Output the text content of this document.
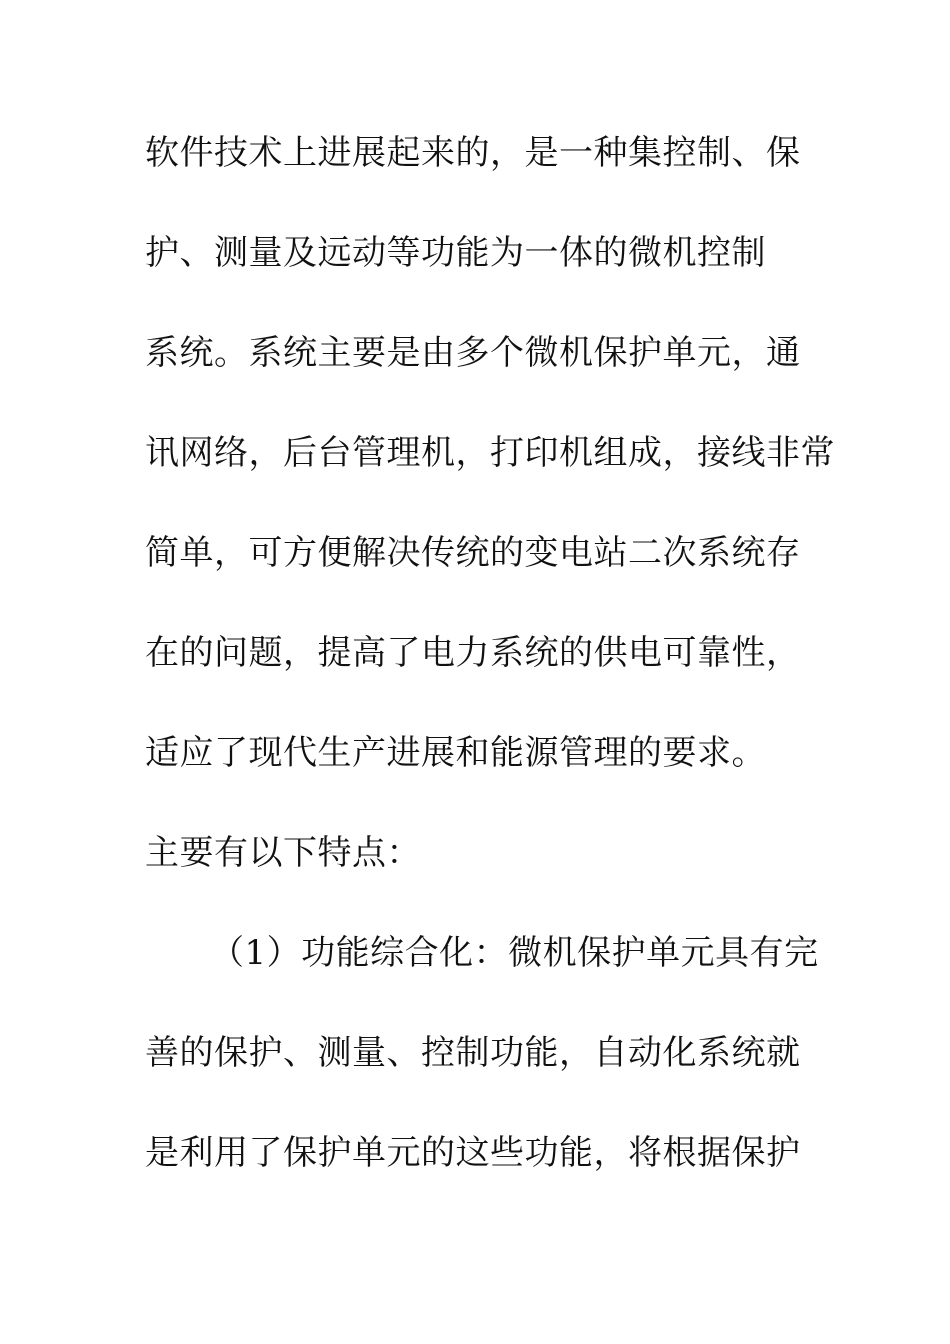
软件技术上进展起来的，是一种集控制、保
护、测量及远动等功能为一体的微机控制
系统。系统主要是由多个微机保护单元，通
讯网络，后台管理机，打印机组成，接线非常
简单，可方便解决传统的变电站二次系统存
在的问题，提高了电力系统的供电可靠性，
适应了现代生产进展和能源管理的要求。
主要有以下特点：
（1）功能综合化：微机保护单元具有完
善的保护、测量、控制功能，自动化系统就
是利用了保护单元的这些功能，将根据保护
